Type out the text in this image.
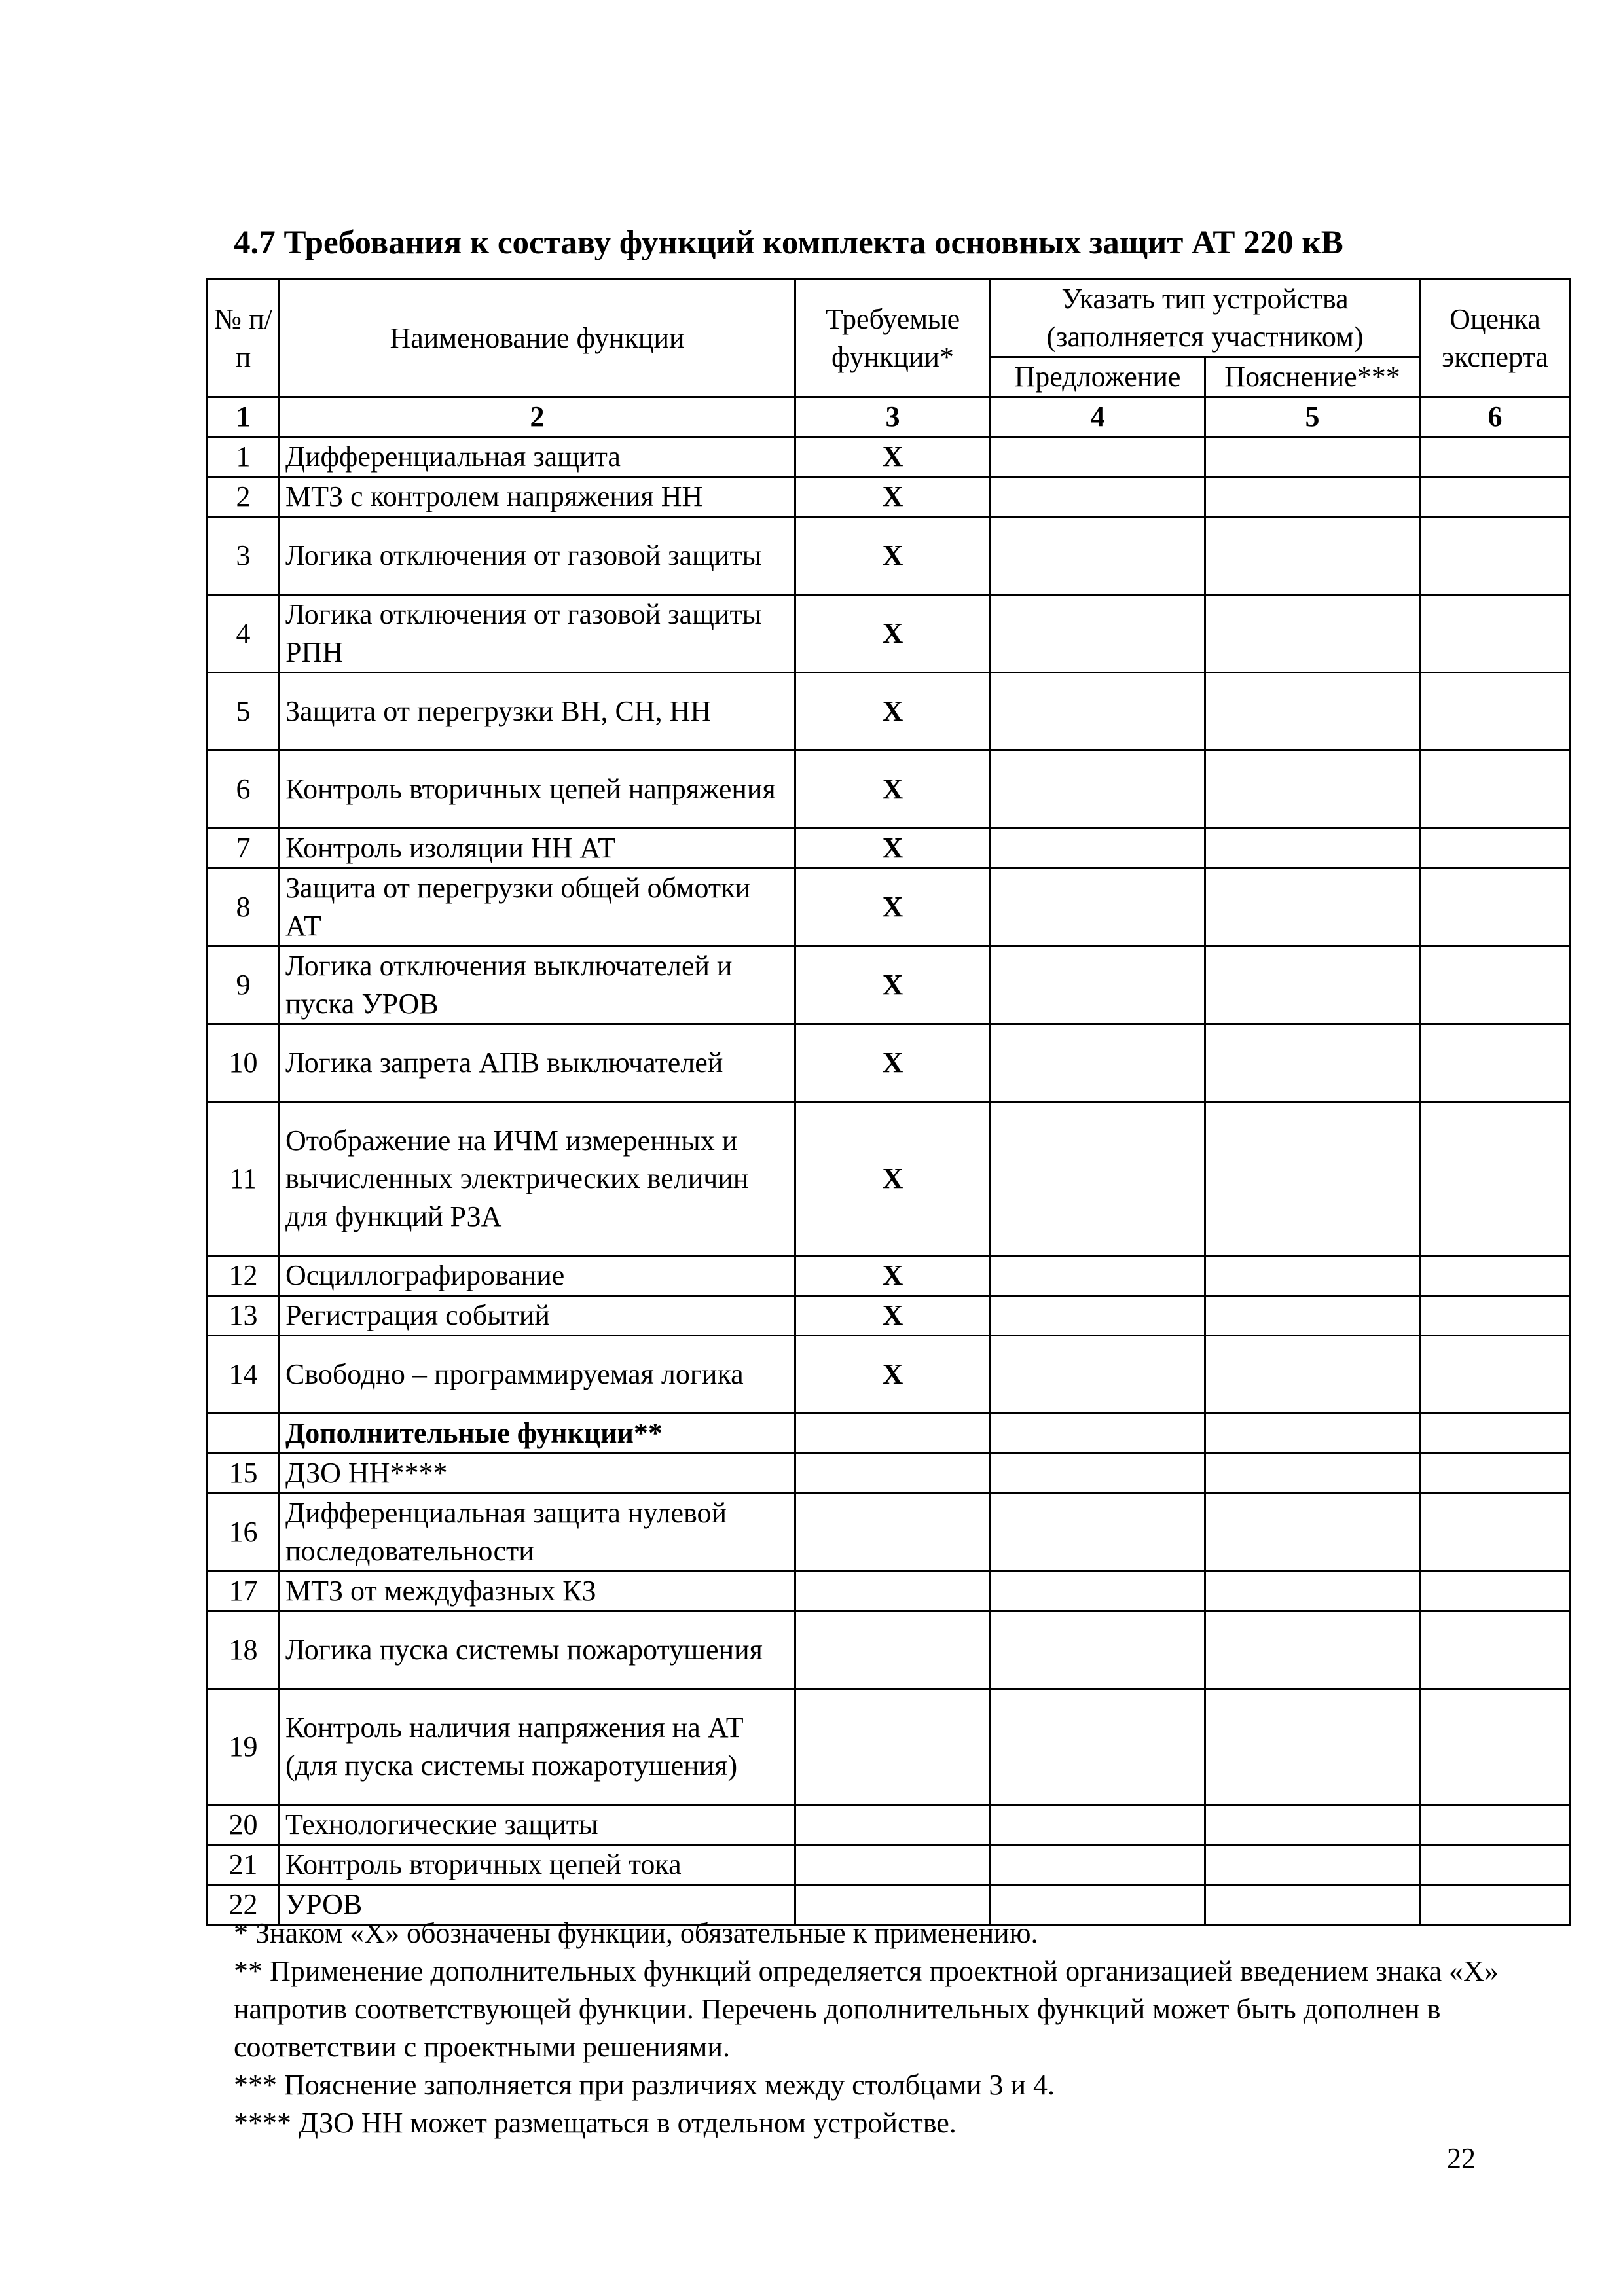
4.7 Требования к составу функций комплекта основных защит АТ 220 кВ
№ п/п	Наименование функции	Требуемые функции*	Указать тип устройства (заполняется участником)		Оценка эксперта
			Предложение	Пояснение***	
1	2	3	4	5	6
1	Дифференциальная защита	X			
2	МТЗ с контролем напряжения НН	X			
3	Логика отключения от газовой защиты	X			
4	Логика отключения от газовой защиты РПН	X			
5	Защита от перегрузки ВН, СН, НН	X			
6	Контроль вторичных цепей напряжения	X			
7	Контроль изоляции НН АТ	X			
8	Защита от перегрузки общей обмотки АТ	X			
9	Логика отключения выключателей и пуска УРОВ	X			
10	Логика запрета АПВ выключателей	X			
11	Отображение на ИЧМ измеренных и вычисленных электрических величин для функций РЗА	X			
12	Осциллографирование	X			
13	Регистрация событий	X			
14	Свободно – программируемая логика	X			
	Дополнительные функции**				
15	ДЗО НН****				
16	Дифференциальная защита нулевой последовательности				
17	МТЗ от междуфазных КЗ				
18	Логика пуска системы пожаротушения				
19	Контроль наличия напряжения на АТ (для пуска системы пожаротушения)				
20	Технологические защиты				
21	Контроль вторичных цепей тока				
22	УРОВ				

* Знаком «Х» обозначены функции, обязательные к применению.

** Применение дополнительных функций определяется проектной организацией введением знака «Х» напротив соответствующей функции. Перечень дополнительных функций может быть дополнен в соответствии с проектными решениями.

*** Пояснение заполняется при различиях между столбцами 3 и 4.

**** ДЗО НН может размещаться в отдельном устройстве.

22
